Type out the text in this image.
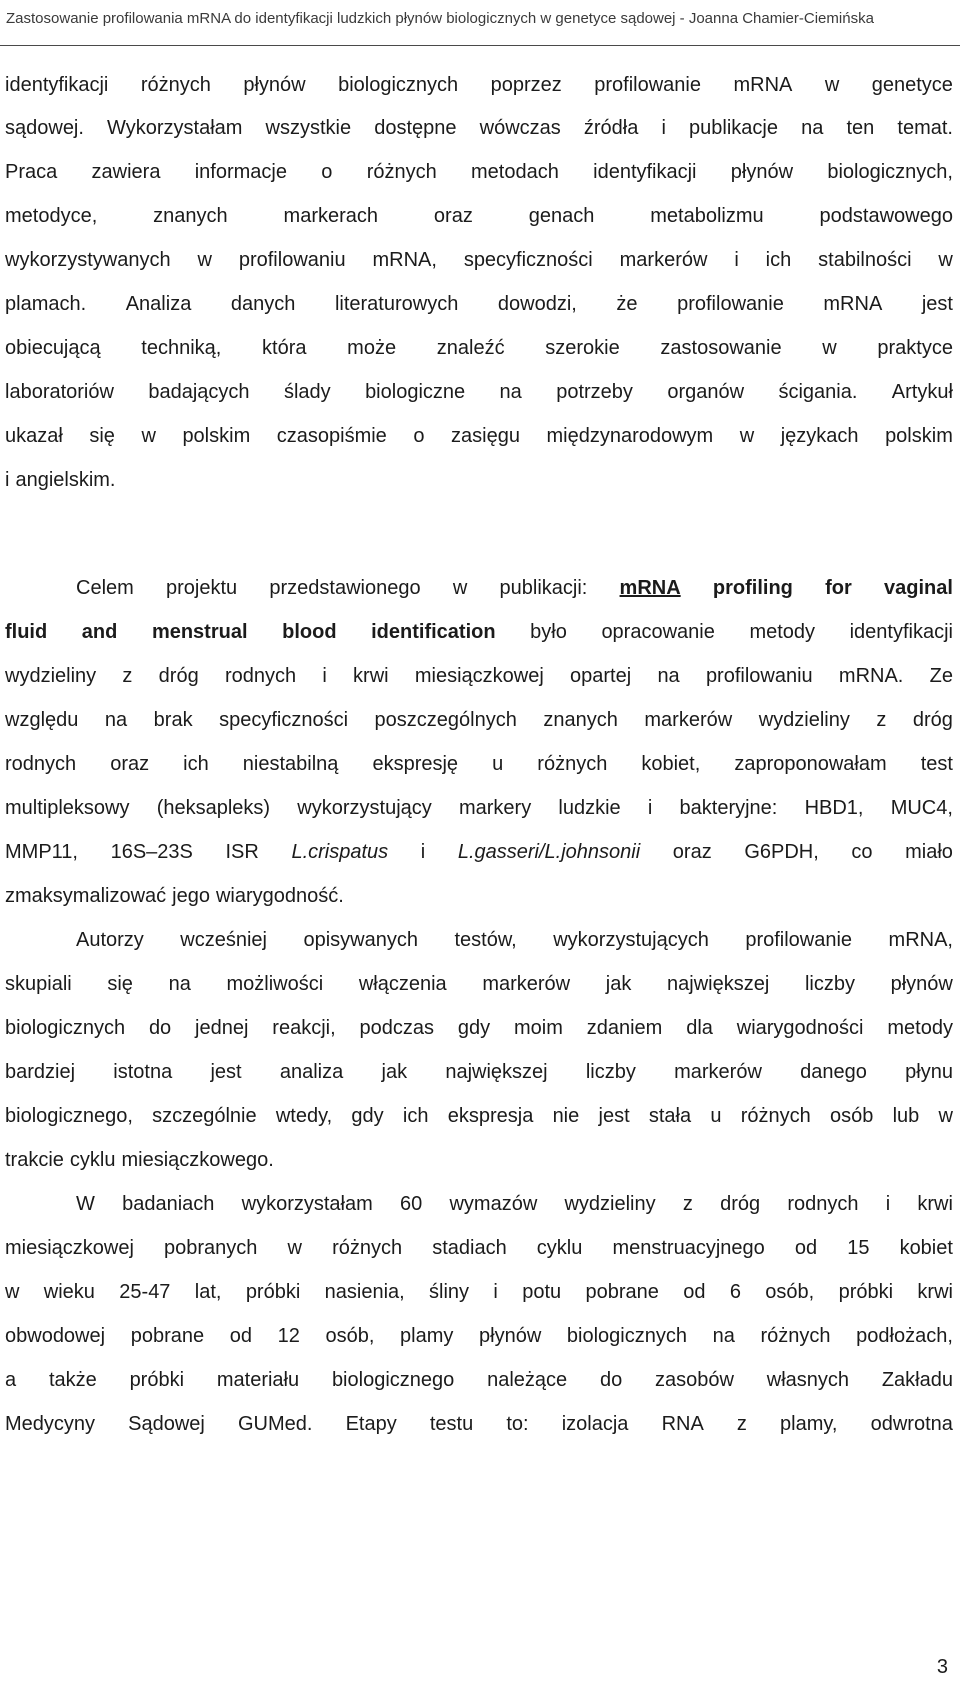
Zastosowanie profilowania mRNA do identyfikacji ludzkich płynów biologicznych w genetyce sądowej - Joanna Chamier-Ciemińska
identyfikacji różnych płynów biologicznych poprzez profilowanie mRNA w genetyce
sądowej. Wykorzystałam wszystkie dostępne wówczas źródła i publikacje na ten temat.
Praca zawiera informacje o różnych metodach identyfikacji płynów biologicznych,
metodyce,	znanych	markerach	oraz	genach	metabolizmu	podstawowego
wykorzystywanych w profilowaniu mRNA, specyficzności markerów i ich stabilności w
plamach. Analiza danych literaturowych dowodzi, że profilowanie mRNA jest
obiecującą techniką, która może znaleźć szerokie zastosowanie w praktyce
laboratoriów badających ślady biologiczne na potrzeby organów ścigania. Artykuł
ukazał się w polskim czasopiśmie o zasięgu międzynarodowym w językach polskim
i angielskim.
Celem projektu przedstawionego w publikacji: mRNA profiling for vaginal
fluid and menstrual blood identification było opracowanie metody identyfikacji
wydzieliny z dróg rodnych i krwi miesiączkowej opartej na profilowaniu mRNA. Ze
względu na brak specyficzności poszczególnych znanych markerów wydzieliny z dróg
rodnych oraz ich niestabilną ekspresję u różnych kobiet, zaproponowałam test
multipleksowy (heksapleks) wykorzystujący markery ludzkie i bakteryjne: HBD1, MUC4,
MMP11, 16S–23S ISR L.crispatus i L.gasseri/L.johnsonii oraz G6PDH, co miało
zmaksymalizować jego wiarygodność.
Autorzy wcześniej opisywanych testów, wykorzystujących profilowanie mRNA,
skupiali się na możliwości włączenia markerów jak największej liczby płynów
biologicznych do jednej reakcji, podczas gdy moim zdaniem dla wiarygodności metody
bardziej istotna jest analiza jak największej liczby markerów danego płynu
biologicznego, szczególnie wtedy, gdy ich ekspresja nie jest stała u różnych osób lub w
trakcie cyklu miesiączkowego.
W badaniach wykorzystałam 60 wymazów wydzieliny z dróg rodnych i krwi
miesiączkowej pobranych w różnych stadiach cyklu menstruacyjnego od 15 kobiet
w wieku 25-47 lat, próbki nasienia, śliny i potu pobrane od 6 osób, próbki krwi
obwodowej pobrane od 12 osób, plamy płynów biologicznych na różnych podłożach,
a także próbki materiału biologicznego należące do zasobów własnych Zakładu
Medycyny Sądowej GUMed. Etapy testu to: izolacja RNA z plamy, odwrotna
3
